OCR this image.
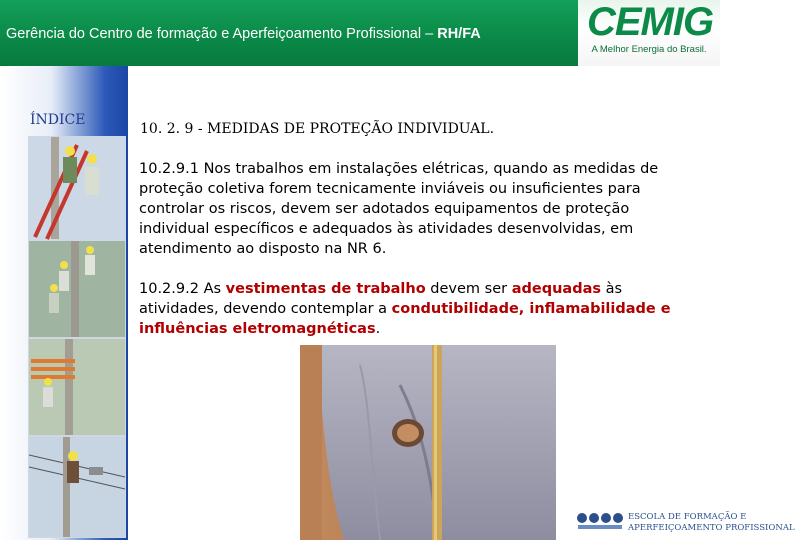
Gerência do Centro de formação e Aperfeiçoamento Profissional – RH/FA	CEMIG
A Melhor Energia do Brasil.
ÍNDICE
10. 2. 9 - MEDIDAS DE PROTEÇÃO INDIVIDUAL.
10.2.9.1 Nos trabalhos em instalações elétricas, quando as medidas de proteção coletiva forem tecnicamente inviáveis ou insuficientes para controlar os riscos, devem ser adotados equipamentos de proteção individual específicos e adequados às atividades desenvolvidas, em atendimento ao disposto na NR 6.
10.2.9.2 As vestimentas de trabalho devem ser adequadas às atividades, devendo contemplar a condutibilidade, inflamabilidade e influências eletromagnéticas.
ESCOLA DE FORMAÇÃO E
APERFEIÇOAMENTO PROFISSIONAL
